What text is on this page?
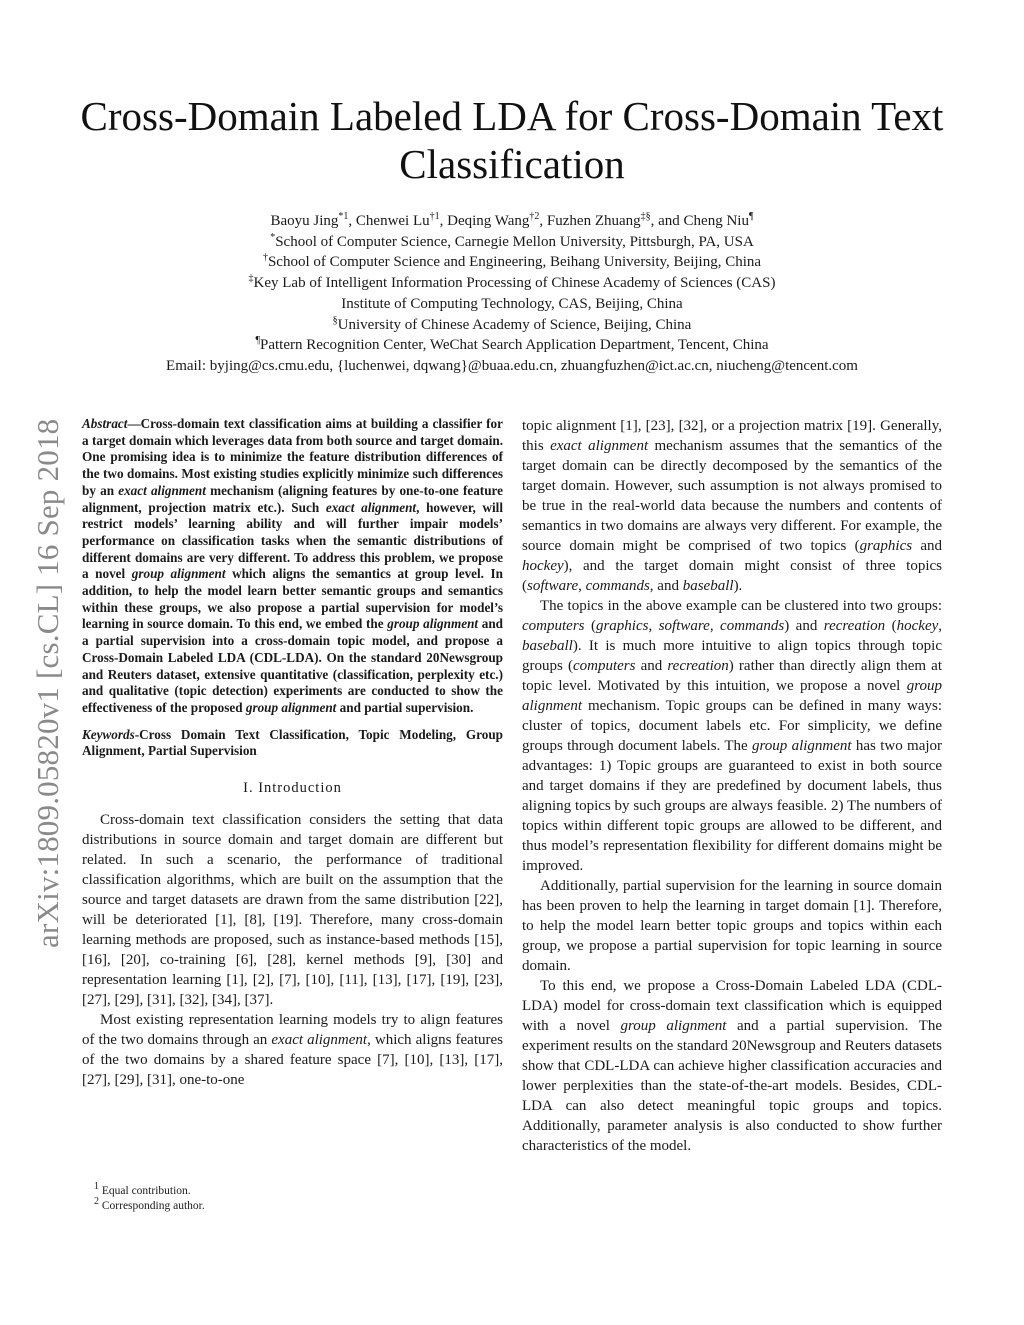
arXiv:1809.05820v1 [cs.CL] 16 Sep 2018
Cross-Domain Labeled LDA for Cross-Domain Text Classification

Baoyu Jing$^{*1}$, Chenwei Lu$^{\dagger 1}$, Deqing Wang$^{\dagger 2}$, Fuzhen Zhuang‡§, and Cheng Niu¶

*School of Computer Science, Carnegie Mellon University, Pittsburgh, PA, USA

†School of Computer Science and Engineering, Beihang University, Beijing, China

‡Key Lab of Intelligent Information Processing of Chinese Academy of Sciences (CAS)

Institute of Computing Technology, CAS, Beijing, China

§University of Chinese Academy of Science, Beijing, China

¶Pattern Recognition Center, WeChat Search Application Department, Tencent, China

Email: byjing@cs.cmu.edu, {luchenwei, dqwang}@buaa.edu.cn, zhuangfuzhen@ict.ac.cn, niucheng@tencent.com

Abstract—Cross-domain text classification aims at building a classifier for a target domain which leverages data from both source and target domain. One promising idea is to minimize the feature distribution differences of the two domains. Most existing studies explicitly minimize such differences by an exact alignment mechanism (aligning features by one-to-one feature alignment, projection matrix etc.). Such exact alignment, however, will restrict models’ learning ability and will further impair models’ performance on classification tasks when the semantic distributions of different domains are very different. To address this problem, we propose a novel group alignment which aligns the semantics at group level. In addition, to help the model learn better semantic groups and semantics within these groups, we also propose a partial supervision for model’s learning in source domain. To this end, we embed the group alignment and a partial supervision into a cross-domain topic model, and propose a Cross-Domain Labeled LDA (CDL-LDA). On the standard 20Newsgroup and Reuters dataset, extensive quantitative (classification, perplexity etc.) and qualitative (topic detection) experiments are conducted to show the effectiveness of the proposed group alignment and partial supervision.

Keywords-Cross Domain Text Classification, Topic Modeling, Group Alignment, Partial Supervision

I. Introduction

Cross-domain text classification considers the setting that data distributions in source domain and target domain are different but related. In such a scenario, the performance of traditional classification algorithms, which are built on the assumption that the source and target datasets are drawn from the same distribution [22], will be deteriorated [1], [8], [19]. Therefore, many cross-domain learning methods are proposed, such as instance-based methods [15], [16], [20], co-training [6], [28], kernel methods [9], [30] and representation learning [1], [2], [7], [10], [11], [13], [17], [19], [23], [27], [29], [31], [32], [34], [37].

Most existing representation learning models try to align features of the two domains through an exact alignment, which aligns features of the two domains by a shared feature space [7], [10], [13], [17], [27], [29], [31], one-to-one

topic alignment [1], [23], [32], or a projection matrix [19]. Generally, this exact alignment mechanism assumes that the semantics of the target domain can be directly decomposed by the semantics of the target domain. However, such assumption is not always promised to be true in the real-world data because the numbers and contents of semantics in two domains are always very different. For example, the source domain might be comprised of two topics (graphics and hockey), and the target domain might consist of three topics (software, commands, and baseball).

The topics in the above example can be clustered into two groups: computers (graphics, software, commands) and recreation (hockey, baseball). It is much more intuitive to align topics through topic groups (computers and recreation) rather than directly align them at topic level. Motivated by this intuition, we propose a novel group alignment mechanism. Topic groups can be defined in many ways: cluster of topics, document labels etc. For simplicity, we define groups through document labels. The group alignment has two major advantages: 1) Topic groups are guaranteed to exist in both source and target domains if they are predefined by document labels, thus aligning topics by such groups are always feasible. 2) The numbers of topics within different topic groups are allowed to be different, and thus model’s representation flexibility for different domains might be improved.

Additionally, partial supervision for the learning in source domain has been proven to help the learning in target domain [1]. Therefore, to help the model learn better topic groups and topics within each group, we propose a partial supervision for topic learning in source domain.

To this end, we propose a Cross-Domain Labeled LDA (CDL-LDA) model for cross-domain text classification which is equipped with a novel group alignment and a partial supervision. The experiment results on the standard 20Newsgroup and Reuters datasets show that CDL-LDA can achieve higher classification accuracies and lower perplexities than the state-of-the-art models. Besides, CDL-LDA can also detect meaningful topic groups and topics. Additionally, parameter analysis is also conducted to show further characteristics of the model.

$^1$ Equal contribution.

$^2$ Corresponding author.
